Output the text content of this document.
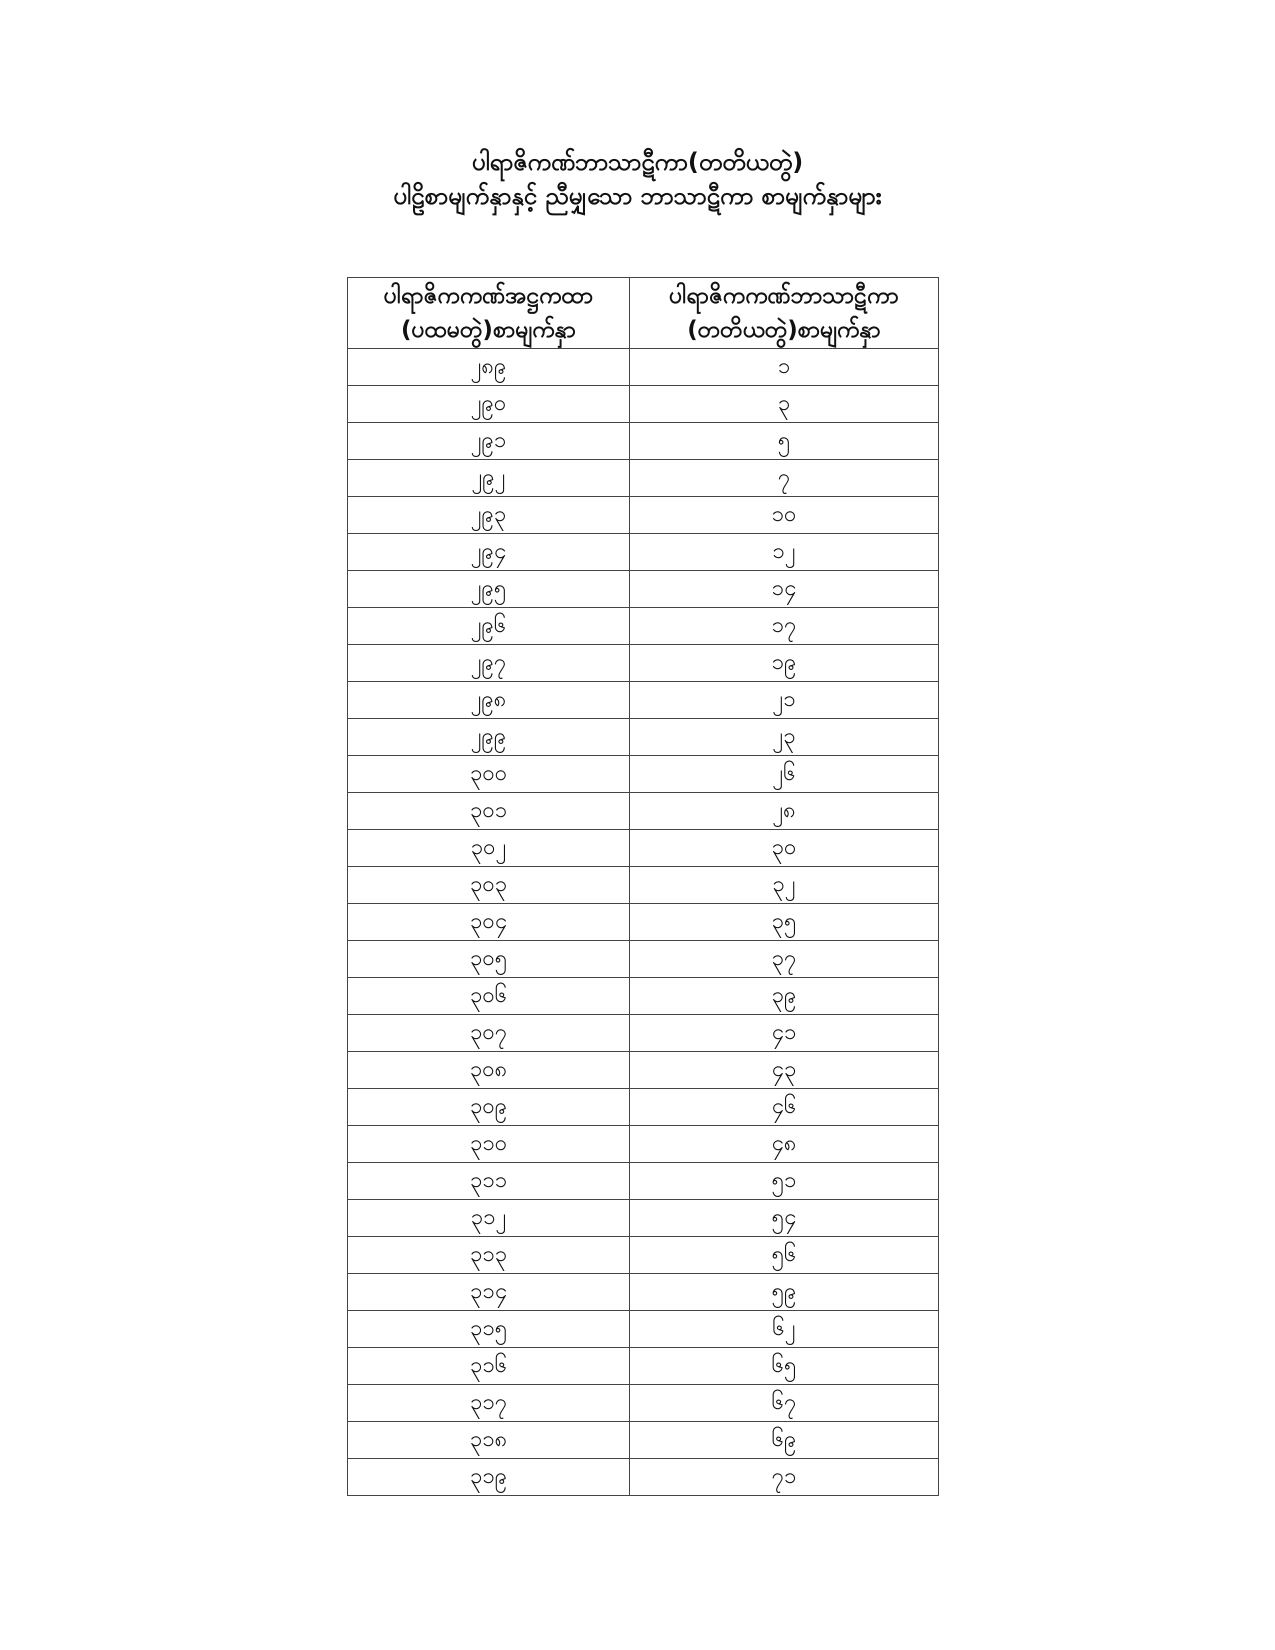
ပါရာဇိကဏ်ဘာသာဋီကာ(တတိယတွဲ)
ပါဠိစာမျက်နှာနှင့် ညီမျှသော ဘာသာဋီကာ စာမျက်နှာများ
ပါရာဇိကကဏ်အဋ္ဌကထာ
(ပထမတွဲ)စာမျက်နှာ	ပါရာဇိကကဏ်ဘာသာဋီကာ
(တတိယတွဲ)စာမျက်နှာ

၂၈၉	၁
၂၉၀	၃
၂၉၁	၅
၂၉၂	၇
၂၉၃	၁၀
၂၉၄	၁၂
၂၉၅	၁၄
၂၉၆	၁၇
၂၉၇	၁၉
၂၉၈	၂၁
၂၉၉	၂၃
၃၀၀	၂၆
၃၀၁	၂၈
၃၀၂	၃၀
၃၀၃	၃၂
၃၀၄	၃၅
၃၀၅	၃၇
၃၀၆	၃၉
၃၀၇	၄၁
၃၀၈	၄၃
၃၀၉	၄၆
၃၁၀	၄၈
၃၁၁	၅၁
၃၁၂	၅၄
၃၁၃	၅၆
၃၁၄	၅၉
၃၁၅	၆၂
၃၁၆	၆၅
၃၁၇	၆၇
၃၁၈	၆၉
၃၁၉	၇၁
